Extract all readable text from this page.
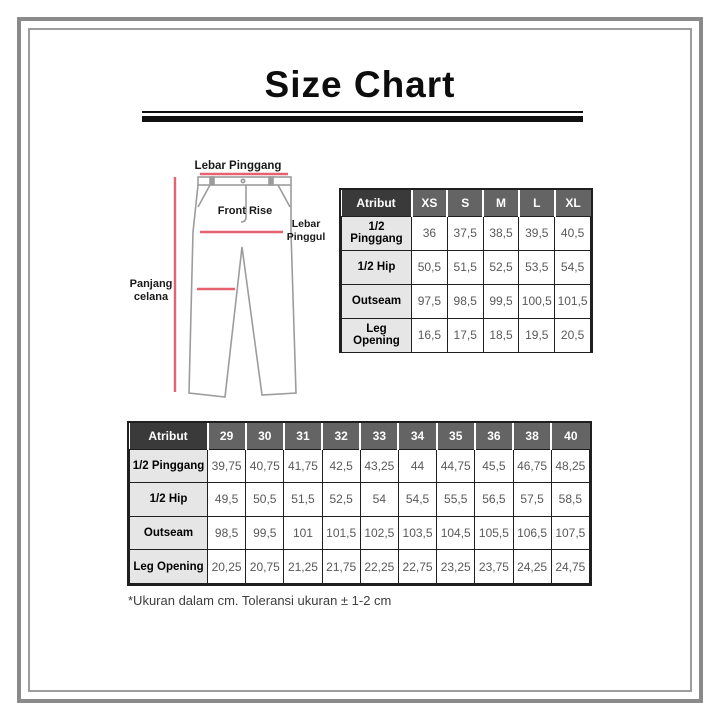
Size Chart
Lebar Pinggang
Front Rise
Lebar
Pinggul
Panjang
celana
Atribut	XS	S	M	L	XL
1/2 Pinggang	36	37,5	38,5	39,5	40,5
1/2 Hip	50,5	51,5	52,5	53,5	54,5
Outseam	97,5	98,5	99,5	100,5	101,5
Leg Opening	16,5	17,5	18,5	19,5	20,5
Atribut	29	30	31	32	33	34	35	36	38	40
1/2 Pinggang	39,75	40,75	41,75	42,5	43,25	44	44,75	45,5	46,75	48,25
1/2 Hip	49,5	50,5	51,5	52,5	54	54,5	55,5	56,5	57,5	58,5
Outseam	98,5	99,5	101	101,5	102,5	103,5	104,5	105,5	106,5	107,5
Leg Opening	20,25	20,75	21,25	21,75	22,25	22,75	23,25	23,75	24,25	24,75
*Ukuran dalam cm. Toleransi ukuran ± 1-2 cm
